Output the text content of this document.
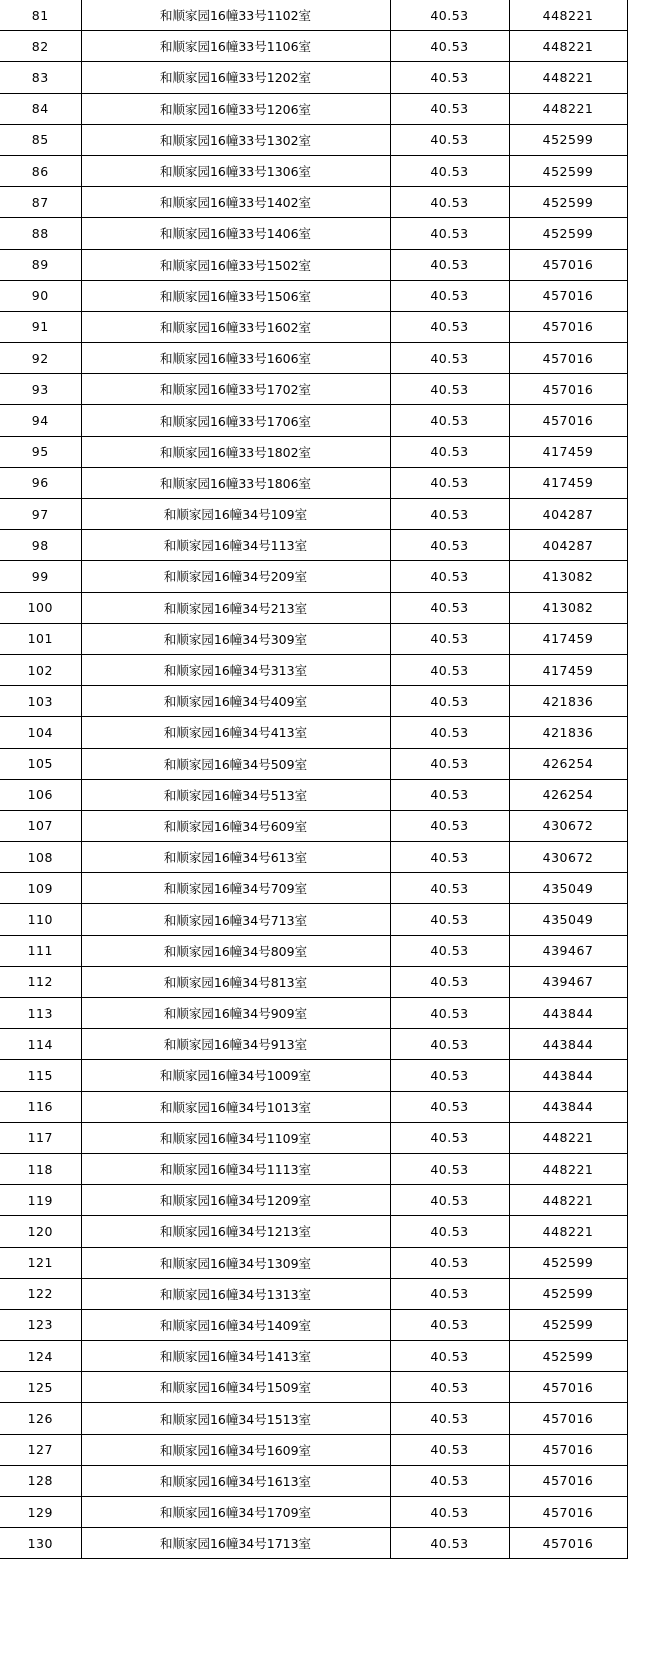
81	和顺家园16幢33号1102室	40.53	448221
82	和顺家园16幢33号1106室	40.53	448221
83	和顺家园16幢33号1202室	40.53	448221
84	和顺家园16幢33号1206室	40.53	448221
85	和顺家园16幢33号1302室	40.53	452599
86	和顺家园16幢33号1306室	40.53	452599
87	和顺家园16幢33号1402室	40.53	452599
88	和顺家园16幢33号1406室	40.53	452599
89	和顺家园16幢33号1502室	40.53	457016
90	和顺家园16幢33号1506室	40.53	457016
91	和顺家园16幢33号1602室	40.53	457016
92	和顺家园16幢33号1606室	40.53	457016
93	和顺家园16幢33号1702室	40.53	457016
94	和顺家园16幢33号1706室	40.53	457016
95	和顺家园16幢33号1802室	40.53	417459
96	和顺家园16幢33号1806室	40.53	417459
97	和顺家园16幢34号109室	40.53	404287
98	和顺家园16幢34号113室	40.53	404287
99	和顺家园16幢34号209室	40.53	413082
100	和顺家园16幢34号213室	40.53	413082
101	和顺家园16幢34号309室	40.53	417459
102	和顺家园16幢34号313室	40.53	417459
103	和顺家园16幢34号409室	40.53	421836
104	和顺家园16幢34号413室	40.53	421836
105	和顺家园16幢34号509室	40.53	426254
106	和顺家园16幢34号513室	40.53	426254
107	和顺家园16幢34号609室	40.53	430672
108	和顺家园16幢34号613室	40.53	430672
109	和顺家园16幢34号709室	40.53	435049
110	和顺家园16幢34号713室	40.53	435049
111	和顺家园16幢34号809室	40.53	439467
112	和顺家园16幢34号813室	40.53	439467
113	和顺家园16幢34号909室	40.53	443844
114	和顺家园16幢34号913室	40.53	443844
115	和顺家园16幢34号1009室	40.53	443844
116	和顺家园16幢34号1013室	40.53	443844
117	和顺家园16幢34号1109室	40.53	448221
118	和顺家园16幢34号1113室	40.53	448221
119	和顺家园16幢34号1209室	40.53	448221
120	和顺家园16幢34号1213室	40.53	448221
121	和顺家园16幢34号1309室	40.53	452599
122	和顺家园16幢34号1313室	40.53	452599
123	和顺家园16幢34号1409室	40.53	452599
124	和顺家园16幢34号1413室	40.53	452599
125	和顺家园16幢34号1509室	40.53	457016
126	和顺家园16幢34号1513室	40.53	457016
127	和顺家园16幢34号1609室	40.53	457016
128	和顺家园16幢34号1613室	40.53	457016
129	和顺家园16幢34号1709室	40.53	457016
130	和顺家园16幢34号1713室	40.53	457016
